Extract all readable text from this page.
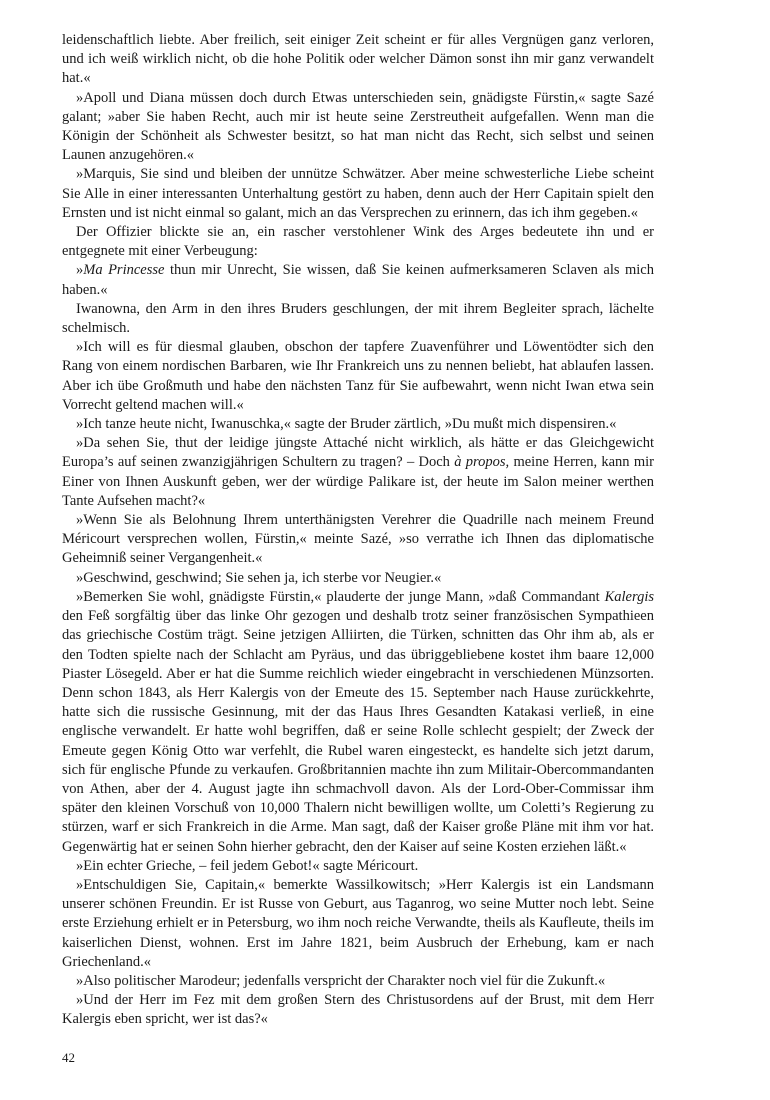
leidenschaftlich liebte. Aber freilich, seit einiger Zeit scheint er für alles Vergnügen ganz verloren, und ich weiß wirklich nicht, ob die hohe Politik oder welcher Dämon sonst ihn mir ganz verwandelt hat.«

»Apoll und Diana müssen doch durch Etwas unterschieden sein, gnädigste Fürstin,« sagte Sazé galant; »aber Sie haben Recht, auch mir ist heute seine Zerstreutheit aufgefallen. Wenn man die Königin der Schönheit als Schwester besitzt, so hat man nicht das Recht, sich selbst und seinen Launen anzugehören.«

»Marquis, Sie sind und bleiben der unnütze Schwätzer. Aber meine schwesterliche Liebe scheint Sie Alle in einer interessanten Unterhaltung gestört zu haben, denn auch der Herr Capitain spielt den Ernsten und ist nicht einmal so galant, mich an das Versprechen zu erinnern, das ich ihm gegeben.«

Der Offizier blickte sie an, ein rascher verstohlener Wink des Arges bedeutete ihn und er entgegnete mit einer Verbeugung:

»Ma Princesse thun mir Unrecht, Sie wissen, daß Sie keinen aufmerksameren Sclaven als mich haben.«

Iwanowna, den Arm in den ihres Bruders geschlungen, der mit ihrem Begleiter sprach, lächelte schelmisch.

»Ich will es für diesmal glauben, obschon der tapfere Zuavenführer und Löwentödter sich den Rang von einem nordischen Barbaren, wie Ihr Frankreich uns zu nennen beliebt, hat ablaufen lassen. Aber ich übe Großmuth und habe den nächsten Tanz für Sie aufbewahrt, wenn nicht Iwan etwa sein Vorrecht geltend machen will.«

»Ich tanze heute nicht, Iwanuschka,« sagte der Bruder zärtlich, »Du mußt mich dispensiren.«

»Da sehen Sie, thut der leidige jüngste Attaché nicht wirklich, als hätte er das Gleichgewicht Europa’s auf seinen zwanzigjährigen Schultern zu tragen? – Doch à propos, meine Herren, kann mir Einer von Ihnen Auskunft geben, wer der würdige Palikare ist, der heute im Salon meiner werthen Tante Aufsehen macht?«

»Wenn Sie als Belohnung Ihrem unterthänigsten Verehrer die Quadrille nach meinem Freund Méricourt versprechen wollen, Fürstin,« meinte Sazé, »so verrathe ich Ihnen das diplomatische Geheimniß seiner Vergangenheit.«

»Geschwind, geschwind; Sie sehen ja, ich sterbe vor Neugier.«

»Bemerken Sie wohl, gnädigste Fürstin,« plauderte der junge Mann, »daß Commandant Kalergis den Feß sorgfältig über das linke Ohr gezogen und deshalb trotz seiner französischen Sympathieen das griechische Costüm trägt. Seine jetzigen Alliirten, die Türken, schnitten das Ohr ihm ab, als er den Todten spielte nach der Schlacht am Pyräus, und das übriggebliebene kostet ihm baare 12,000 Piaster Lösegeld. Aber er hat die Summe reichlich wieder eingebracht in verschiedenen Münzsorten. Denn schon 1843, als Herr Kalergis von der Emeute des 15. September nach Hause zurückkehrte, hatte sich die russische Gesinnung, mit der das Haus Ihres Gesandten Katakasi verließ, in eine englische verwandelt. Er hatte wohl begriffen, daß er seine Rolle schlecht gespielt; der Zweck der Emeute gegen König Otto war verfehlt, die Rubel waren eingesteckt, es handelte sich jetzt darum, sich für englische Pfunde zu verkaufen. Großbritannien machte ihn zum Militair-Obercommandanten von Athen, aber der 4. August jagte ihn schmachvoll davon. Als der Lord-Ober-Commissar ihm später den kleinen Vorschuß von 10,000 Thalern nicht bewilligen wollte, um Coletti’s Regierung zu stürzen, warf er sich Frankreich in die Arme. Man sagt, daß der Kaiser große Pläne mit ihm vor hat. Gegenwärtig hat er seinen Sohn hierher gebracht, den der Kaiser auf seine Kosten erziehen läßt.«

»Ein echter Grieche, – feil jedem Gebot!« sagte Méricourt.

»Entschuldigen Sie, Capitain,« bemerkte Wassilkowitsch; »Herr Kalergis ist ein Landsmann unserer schönen Freundin. Er ist Russe von Geburt, aus Taganrog, wo seine Mutter noch lebt. Seine erste Erziehung erhielt er in Petersburg, wo ihm noch reiche Verwandte, theils als Kaufleute, theils im kaiserlichen Dienst, wohnen. Erst im Jahre 1821, beim Ausbruch der Erhebung, kam er nach Griechenland.«

»Also politischer Marodeur; jedenfalls verspricht der Charakter noch viel für die Zukunft.«

»Und der Herr im Fez mit dem großen Stern des Christusordens auf der Brust, mit dem Herr Kalergis eben spricht, wer ist das?«

42
